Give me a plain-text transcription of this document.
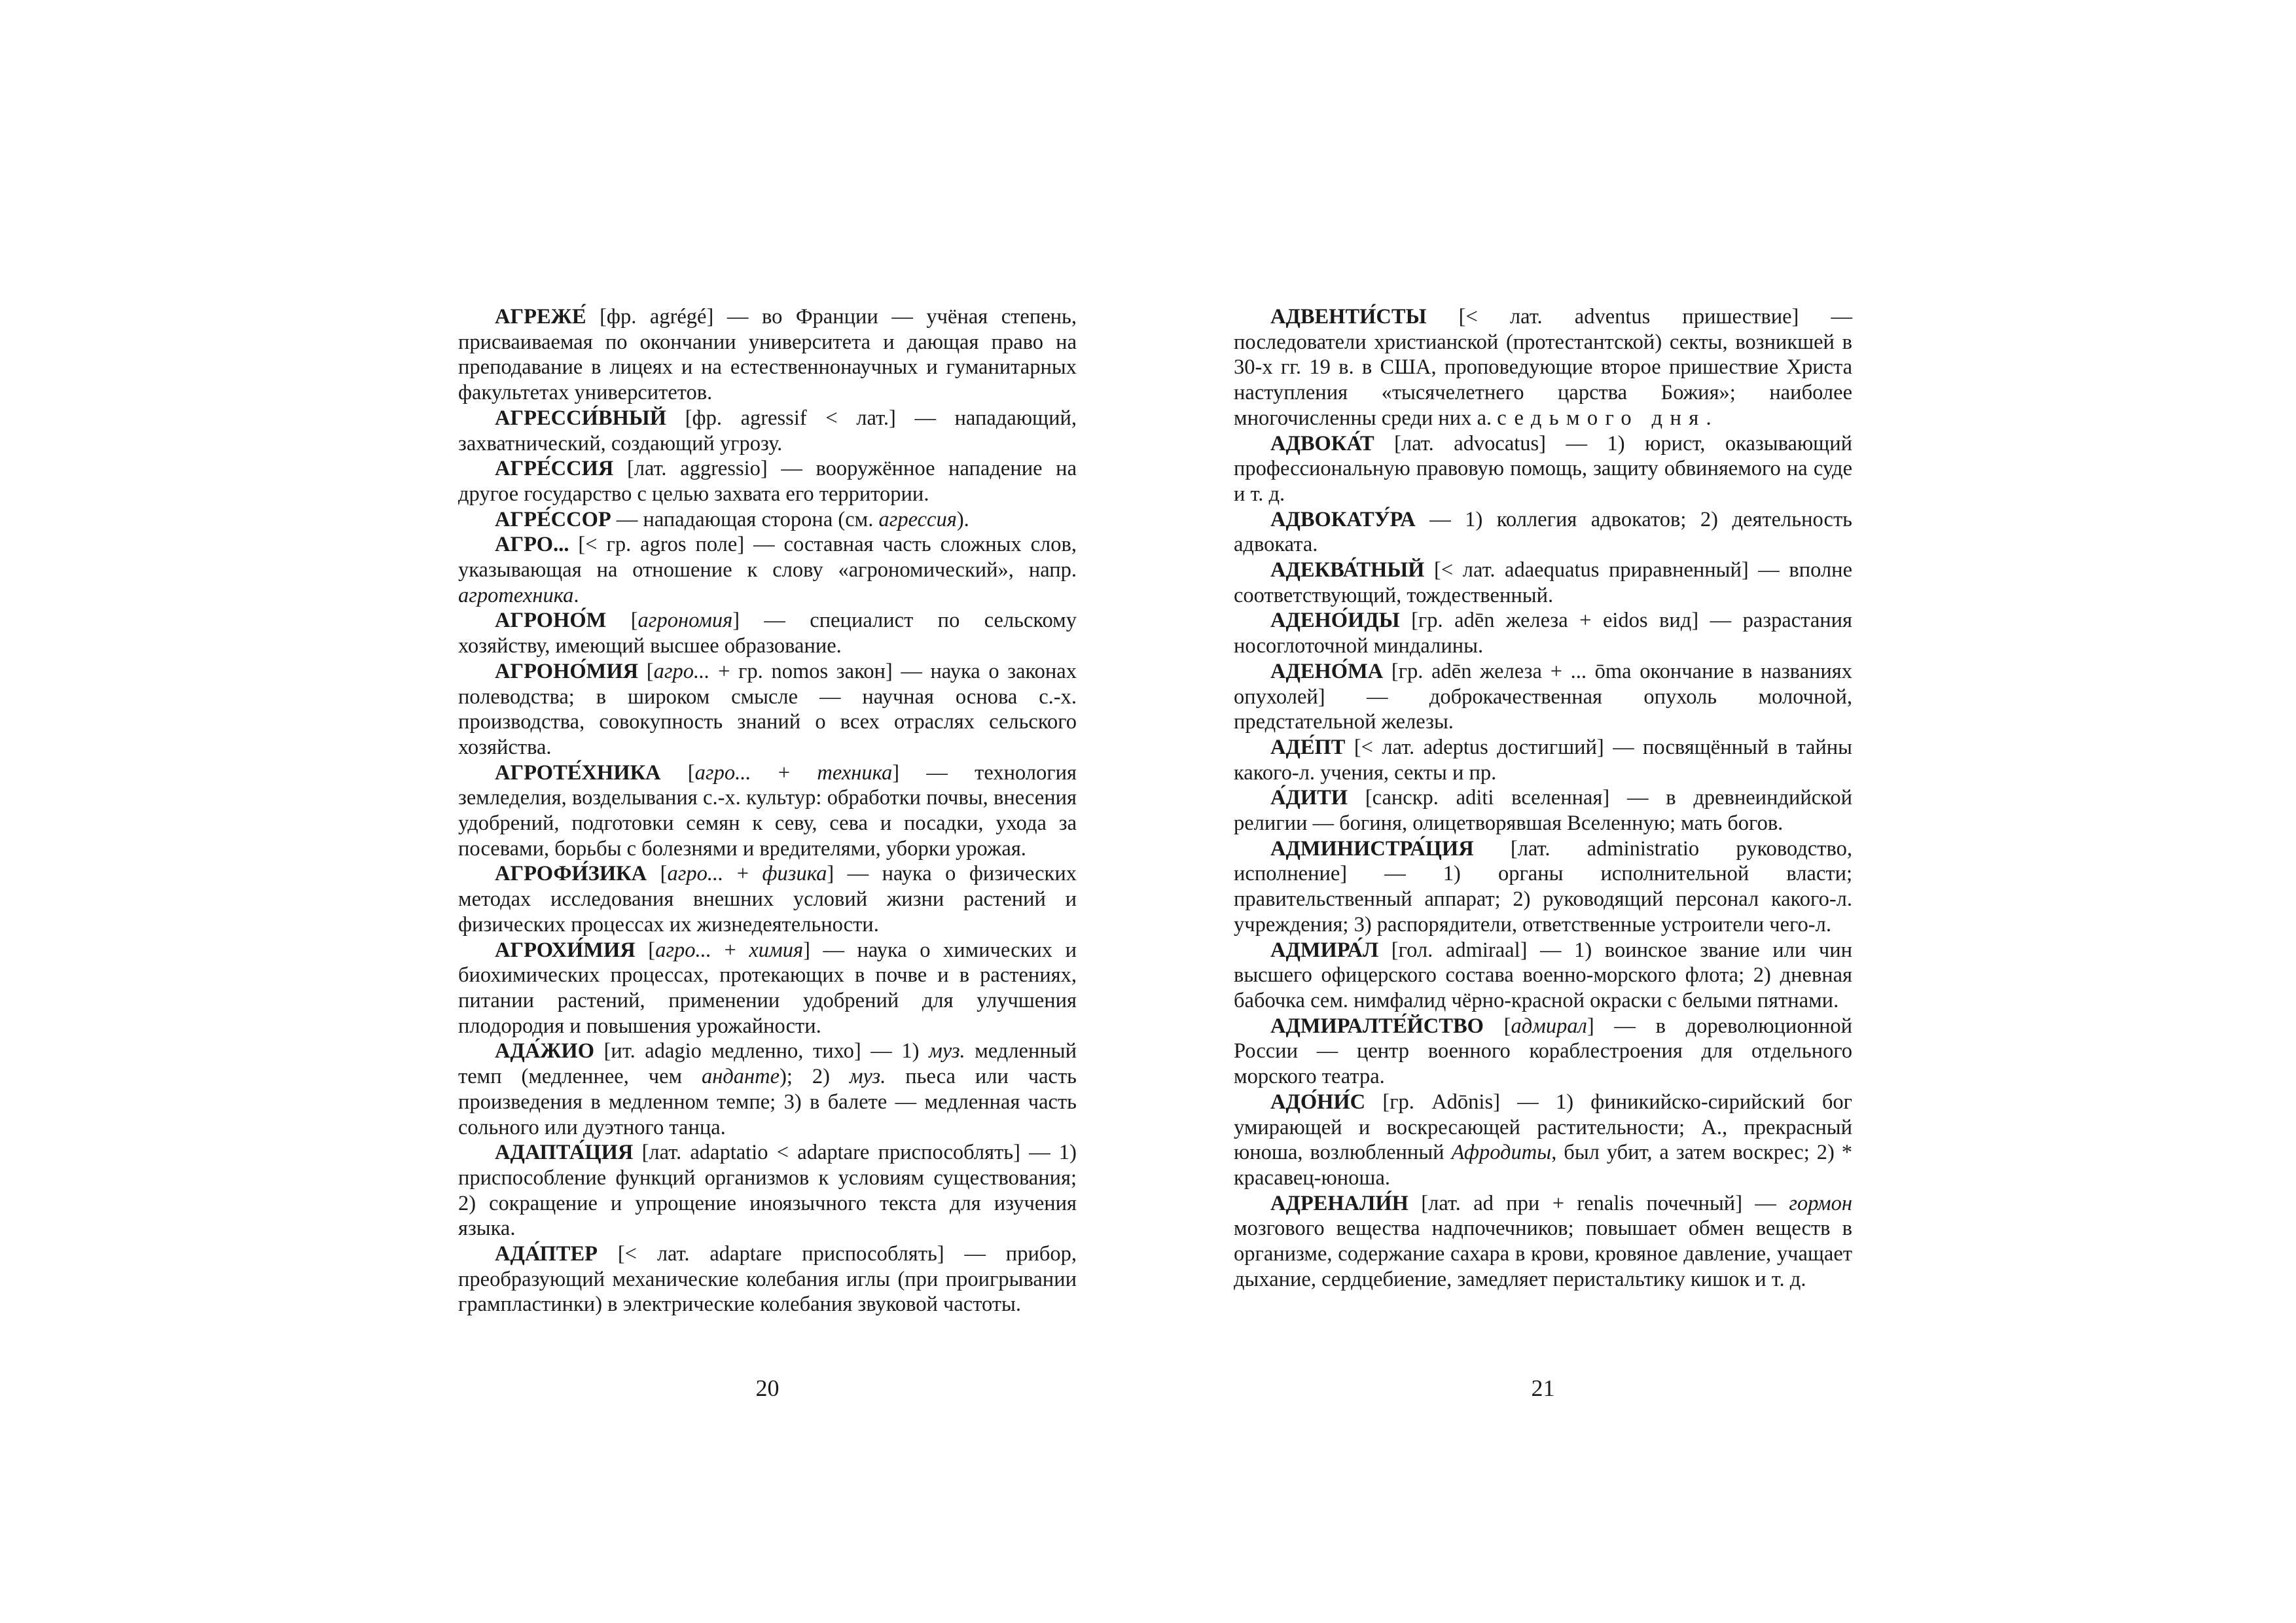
АГРЕЖЕ́ [фр. agrégé] — во Франции — учёная степень, присваиваемая по окончании университета и дающая право на преподавание в лицеях и на естественнонаучных и гуманитарных факультетах университетов.

АГРЕССИ́ВНЫЙ [фр. agressif < лат.] — нападающий, захватнический, создающий угрозу.

АГРЕ́ССИЯ [лат. aggressio] — вооружённое нападение на другое государство с целью захвата его территории.

АГРЕ́ССОР — нападающая сторона (см. агрессия).

АГРО... [< гр. agros поле] — составная часть сложных слов, указывающая на отношение к слову «агрономический», напр. агротехника.

АГРОНО́М [агрономия] — специалист по сельскому хозяйству, имеющий высшее образование.

АГРОНО́МИЯ [агро... + гр. nomos закон] — наука о законах полеводства; в широком смысле — научная основа с.-х. производства, совокупность знаний о всех отраслях сельского хозяйства.

АГРОТЕ́ХНИКА [агро... + техника] — технология земледелия, возделывания с.-х. культур: обработки почвы, внесения удобрений, подготовки семян к севу, сева и посадки, ухода за посевами, борьбы с болезнями и вредителями, уборки урожая.

АГРОФИ́ЗИКА [агро... + физика] — наука о физических методах исследования внешних условий жизни растений и физических процессах их жизнедеятельности.

АГРОХИ́МИЯ [агро... + химия] — наука о химических и биохимических процессах, протекающих в почве и в растениях, питании растений, применении удобрений для улучшения плодородия и повышения урожайности.

АДА́ЖИО [ит. adagio медленно, тихо] — 1) муз. медленный темп (медленнее, чем анданте); 2) муз. пьеса или часть произведения в медленном темпе; 3) в балете — медленная часть сольного или дуэтного танца.

АДАПТА́ЦИЯ [лат. adaptatio < adaptare приспособлять] — 1) приспособление функций организмов к условиям существования; 2) сокращение и упрощение иноязычного текста для изучения языка.

АДА́ПТЕР [< лат. adaptare приспособлять] — прибор, преобразующий механические колебания иглы (при проигрывании грампластинки) в электрические колебания звуковой частоты.

20

АДВЕНТИ́СТЫ [< лат. adventus пришествие] — последователи христианской (протестантской) секты, возникшей в 30-х гг. 19 в. в США, проповедующие второе пришествие Христа наступления «тысячелетнего царства Божия»; наиболее многочисленны среди них а. седьмого дня.

АДВОКА́Т [лат. advocatus] — 1) юрист, оказывающий профессиональную правовую помощь, защиту обвиняемого на суде и т. д.

АДВОКАТУ́РА — 1) коллегия адвокатов; 2) деятельность адвоката.

АДЕКВА́ТНЫЙ [< лат. adaequatus приравненный] — вполне соответствующий, тождественный.

АДЕНО́ИДЫ [гр. adēn железа + eidos вид] — разрастания носоглоточной миндалины.

АДЕНО́МА [гр. adēn железа + ... ōma окончание в названиях опухолей] — доброкачественная опухоль молочной, предстательной железы.

АДЕ́ПТ [< лат. adeptus достигший] — посвящённый в тайны какого-л. учения, секты и пр.

А́ДИТИ [санскр. aditi вселенная] — в древнеиндийской религии — богиня, олицетворявшая Вселенную; мать богов.

АДМИНИСТРА́ЦИЯ [лат. administratio руководство, исполнение] — 1) органы исполнительной власти; правительственный аппарат; 2) руководящий персонал какого-л. учреждения; 3) распорядители, ответственные устроители чего-л.

АДМИРА́Л [гол. admiraal] — 1) воинское звание или чин высшего офицерского состава военно-морского флота; 2) дневная бабочка сем. нимфалид чёрно-красной окраски с белыми пятнами.

АДМИРАЛТЕ́ЙСТВО [адмирал] — в дореволюционной России — центр военного кораблестроения для отдельного морского театра.

АДО́НИ́С [гр. Adōnis] — 1) финикийско-сирийский бог умирающей и воскресающей растительности; А., прекрасный юноша, возлюбленный Афродиты, был убит, а затем воскрес; 2) * красавец-юноша.

АДРЕНАЛИ́Н [лат. ad при + renalis почечный] — гормон мозгового вещества надпочечников; повышает обмен веществ в организме, содержание сахара в крови, кровяное давление, учащает дыхание, сердцебиение, замедляет перистальтику кишок и т. д.

21
